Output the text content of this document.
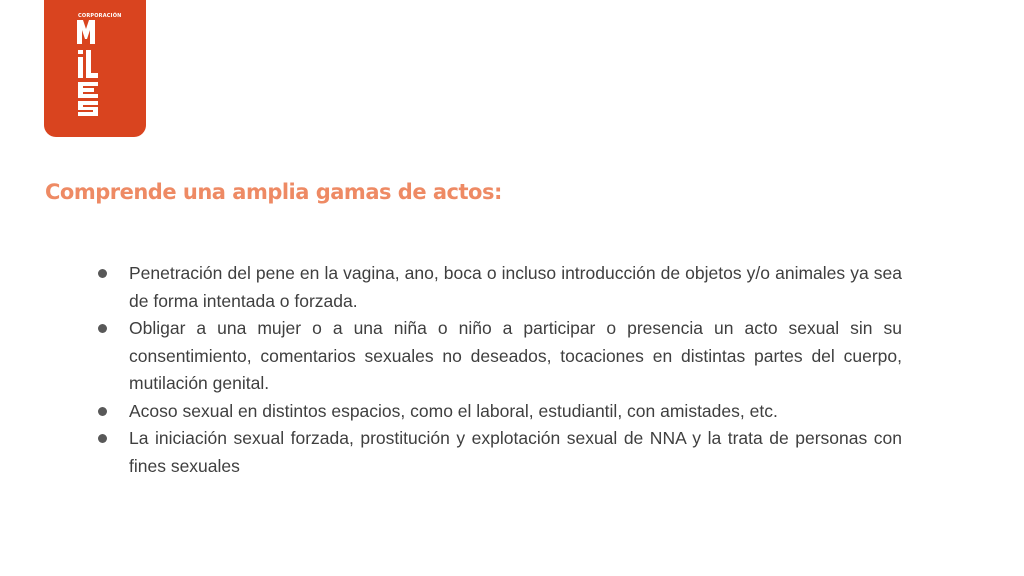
CORPORACIÓN
Comprende una amplia gamas de actos:
Penetración del pene en la vagina, ano, boca o incluso introducción de objetos y/o animales ya sea de forma intentada o forzada.
Obligar a una mujer o a una niña o niño a participar o presencia un acto sexual sin su consentimiento, comentarios sexuales no deseados, tocaciones en distintas partes del cuerpo, mutilación genital.
Acoso sexual en distintos espacios, como el laboral, estudiantil, con amistades, etc.
La iniciación sexual forzada, prostitución y explotación sexual de NNA y la trata de personas con fines sexuales
